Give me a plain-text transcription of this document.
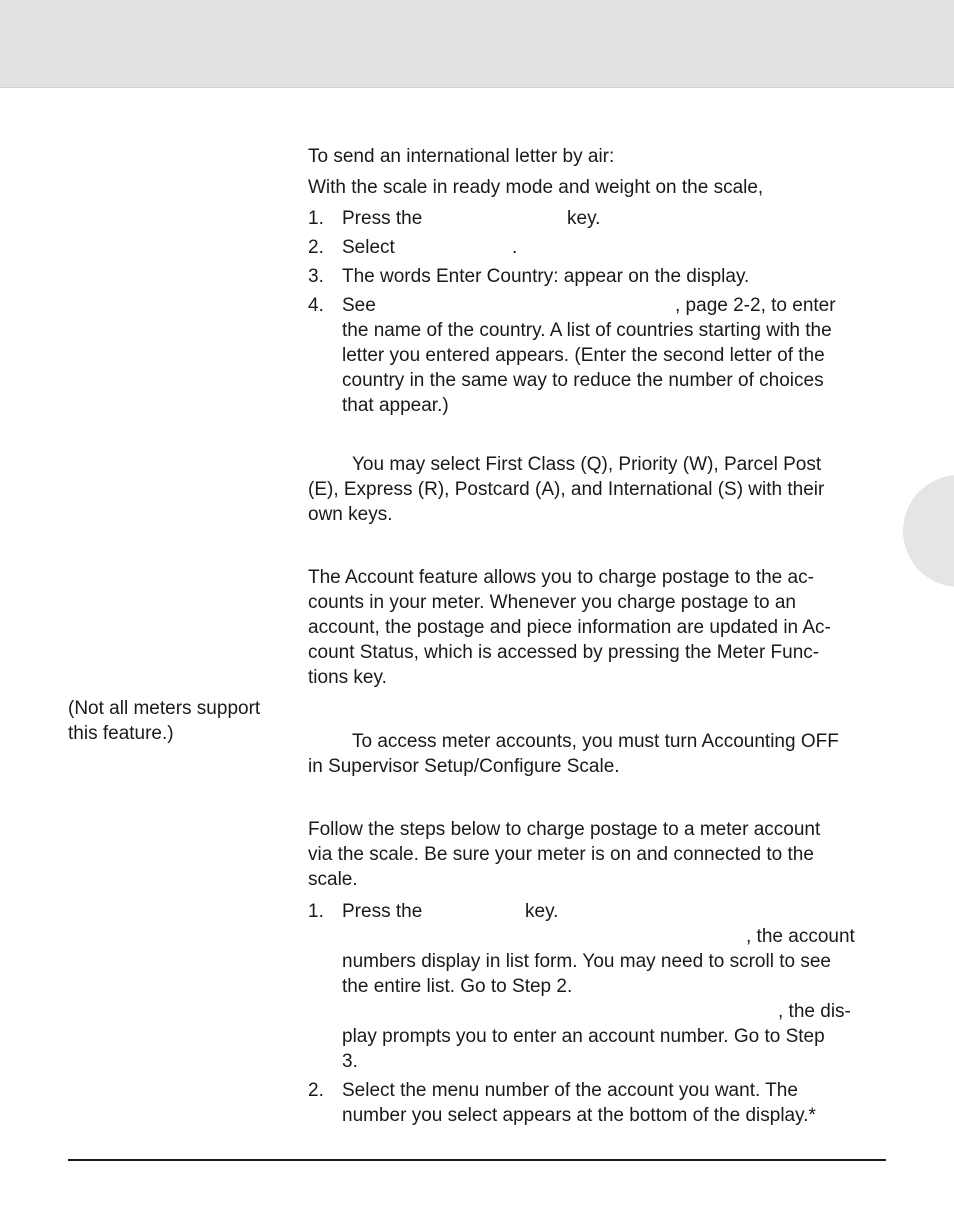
To send an international letter by air:

With the scale in ready mode and weight on the scale,

1. Press the	key.
2. Select	.
3. The words Enter Country: appear on the display.
4. See	, page 2-2, to enter
the name of the country. A list of countries starting with the
letter you entered appears. (Enter the second letter of the
country in the same way to reduce the number of choices
that appear.)
You may select First Class (Q), Priority (W), Parcel Post
(E), Express (R), Postcard (A), and International (S) with their
own keys.
The Account feature allows you to charge postage to the ac-
counts in your meter. Whenever you charge postage to an
account, the postage and piece information are updated in Ac-
count Status, which is accessed by pressing the Meter Func-
tions key.
(Not all meters support
this feature.)	To access meter accounts, you must turn Accounting OFF
in Supervisor Setup/Configure Scale.
Follow the steps below to charge postage to a meter account
via the scale. Be sure your meter is on and connected to the
scale.
1. Press the	key.
, the account
numbers display in list form. You may need to scroll to see
the entire list. Go to Step 2.
, the dis-
play prompts you to enter an account number. Go to Step
3.
2. Select the menu number of the account you want. The
number you select appears at the bottom of the display.*
